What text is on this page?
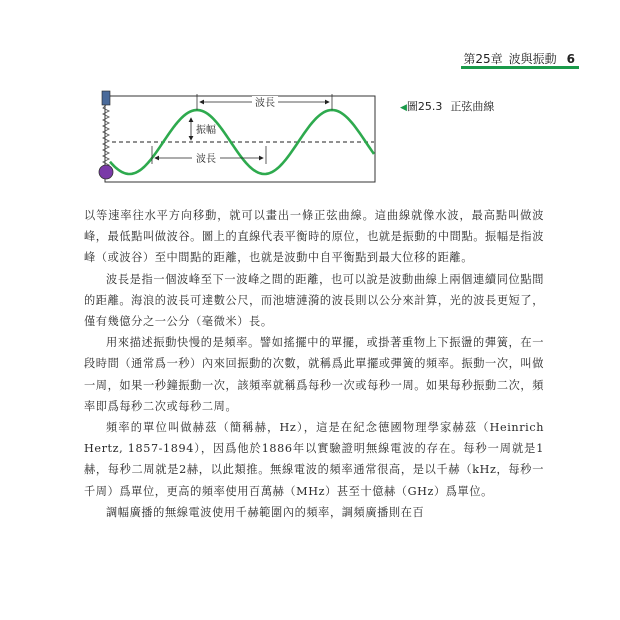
第25章 波與振動 6
波長
振幅
波長
◀圖25.3 正弦曲線

以等速率往水平方向移動，就可以畫出一條正弦曲線。這曲線就像水波，最高點叫做波峰，最低點叫做波谷。圖上的直線代表平衡時的原位，也就是振動的中間點。振幅是指波峰（或波谷）至中間點的距離，也就是波動中自平衡點到最大位移的距離。

波長是指一個波峰至下一波峰之間的距離，也可以說是波動曲線上兩個連續同位點間的距離。海浪的波長可達數公尺，而池塘漣漪的波長則以公分來計算，光的波長更短了，僅有幾億分之一公分（毫微米）長。

用來描述振動快慢的是頻率。譬如搖擺中的單擺，或掛著重物上下振盪的彈簧，在一段時間（通常爲一秒）內來回振動的次數，就稱爲此單擺或彈簧的頻率。振動一次，叫做一周，如果一秒鐘振動一次，該頻率就稱爲每秒一次或每秒一周。如果每秒振動二次，頻率即爲每秒二次或每秒二周。

頻率的單位叫做赫茲（簡稱赫，Hz），這是在紀念德國物理學家赫茲（Heinrich Hertz, 1857-1894），因爲他於1886年以實驗證明無線電波的存在。每秒一周就是1赫，每秒二周就是2赫，以此類推。無線電波的頻率通常很高，是以千赫（kHz，每秒一千周）爲單位，更高的頻率使用百萬赫（MHz）甚至十億赫（GHz）爲單位。

調幅廣播的無線電波使用千赫範圍內的頻率，調頻廣播則在百
